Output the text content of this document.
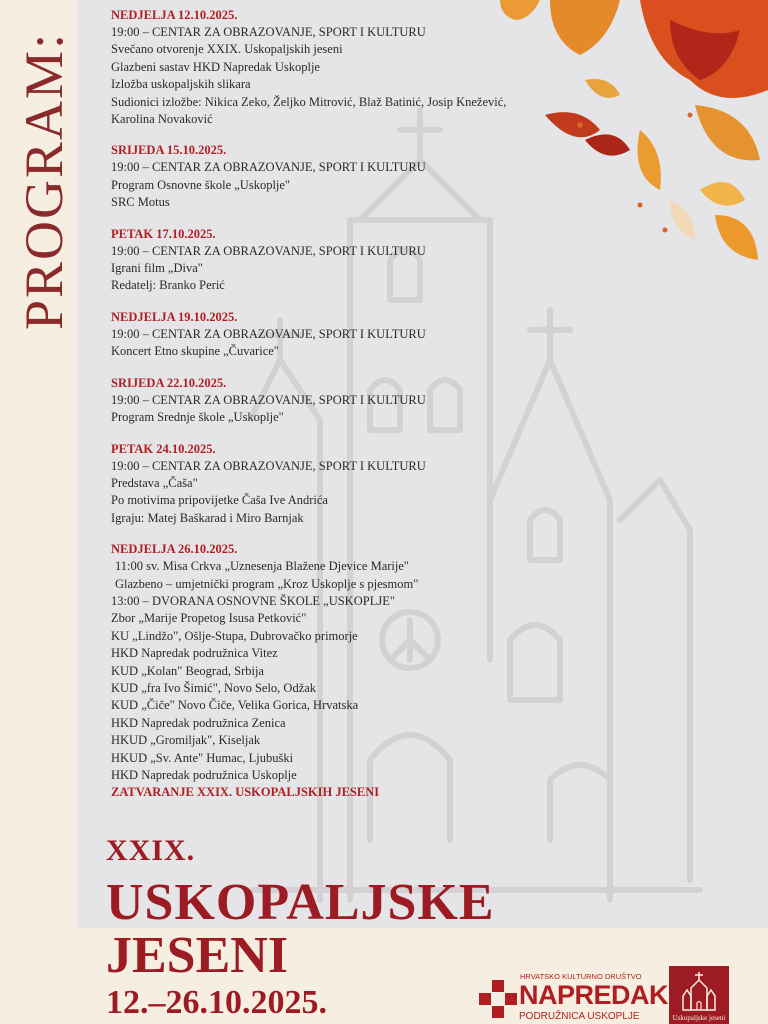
PROGRAM:
NEDJELJA 12.10.2025.
19:00 – CENTAR ZA OBRAZOVANJE, SPORT I KULTURU
Svečano otvorenje XXIX. Uskopaljskih jeseni
Glazbeni sastav HKD Napredak Uskoplje
Izložba uskopaljskih slikara
Sudionici izložbe: Nikica Zeko, Željko Mitrović, Blaž Batinić, Josip Knežević,
Karolina Novaković
SRIJEDA 15.10.2025.
19:00 – CENTAR ZA OBRAZOVANJE, SPORT I KULTURU
Program Osnovne škole „Uskoplje"
SRC Motus
PETAK 17.10.2025.
19:00 – CENTAR ZA OBRAZOVANJE, SPORT I KULTURU
Igrani film „Diva"
Redatelj: Branko Perić
NEDJELJA 19.10.2025.
19:00 – CENTAR ZA OBRAZOVANJE, SPORT I KULTURU
Koncert Etno skupine „Čuvarice"
SRIJEDA 22.10.2025.
19:00 – CENTAR ZA OBRAZOVANJE, SPORT I KULTURU
Program Srednje škole „Uskoplje"
PETAK 24.10.2025.
19:00 – CENTAR ZA OBRAZOVANJE, SPORT I KULTURU
Predstava „Čaša"
Po motivima pripovijetke Čaša Ive Andrića
Igraju: Matej Baškarad i Miro Barnjak
NEDJELJA 26.10.2025.
11:00 sv. Misa Crkva „Uznesenja Blažene Djevice Marije"
Glazbeno – umjetnički program „Kroz Uskoplje s pjesmom"
13:00 – DVORANA OSNOVNE ŠKOLE „USKOPLJE"
Zbor „Marije Propetog Isusa Petković"
KU „Lindžo", Ošlje-Stupa, Dubrovačko primorje
HKD Napredak podružnica Vitez
KUD „Kolan" Beograd, Srbija
KUD „fra Ivo Šimić", Novo Selo, Odžak
KUD „Čiče" Novo Čiče, Velika Gorica, Hrvatska
HKD Napredak podružnica Zenica
HKUD „Gromiljak", Kiseljak
HKUD „Sv. Ante" Humac, Ljubuški
HKD Napredak podružnica Uskoplje
ZATVARANJE XXIX. USKOPALJSKIH JESENI
XXIX.
USKOPALJSKE
JESENI
12.–26.10.2025.
HRVATSKO KULTURNO DRUŠTVO
NAPREDAK
PODRUŽNICA USKOPLJE	Uskopaljske jeseni
